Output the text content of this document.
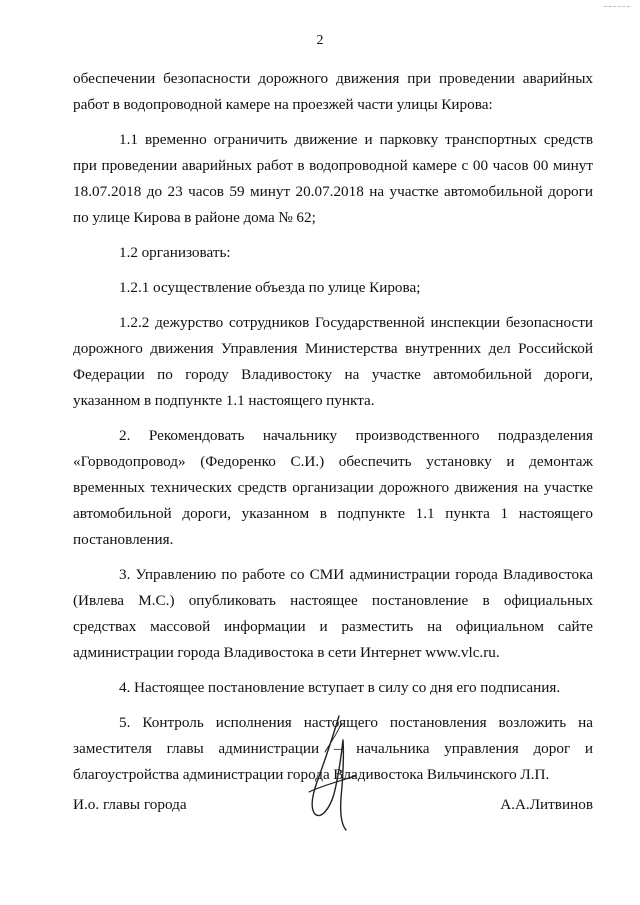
2

обеспечении безопасности дорожного движения при проведении аварийных работ в водопроводной камере на проезжей части улицы Кирова:

1.1 временно ограничить движение и парковку транспортных средств при проведении аварийных работ в водопроводной камере с 00 часов 00 минут 18.07.2018 до 23 часов 59 минут 20.07.2018 на участке автомобильной дороги по улице Кирова в районе дома № 62;

1.2 организовать:

1.2.1 осуществление объезда по улице Кирова;

1.2.2 дежурство сотрудников Государственной инспекции безопасности дорожного движения Управления Министерства внутренних дел Российской Федерации по городу Владивостоку на участке автомобильной дороги, указанном в подпункте 1.1 настоящего пункта.

2. Рекомендовать начальнику производственного подразделения «Горводопровод» (Федоренко С.И.) обеспечить установку и демонтаж временных технических средств организации дорожного движения на участке автомобильной дороги, указанном в подпункте 1.1 пункта 1 настоящего постановления.

3. Управлению по работе со СМИ администрации города Владивостока (Ивлева М.С.) опубликовать настоящее постановление в официальных средствах массовой информации и разместить на официальном сайте администрации города Владивостока в сети Интернет www.vlc.ru.

4. Настоящее постановление вступает в силу со дня его подписания.

5. Контроль исполнения настоящего постановления возложить на заместителя главы администрации – начальника управления дорог и благоустройства администрации города Владивостока Вильчинского Л.П.

И.о. главы города	А.А.Литвинов
